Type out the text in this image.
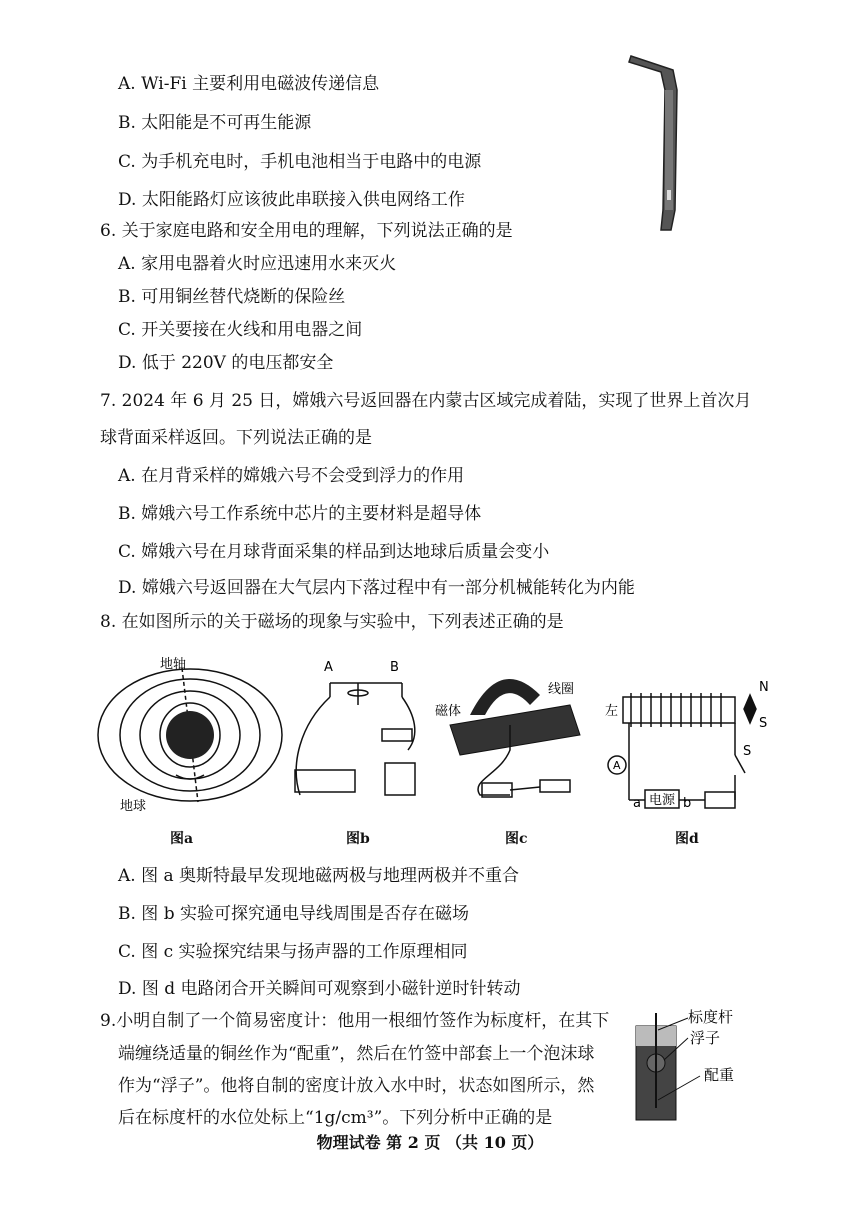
A. Wi-Fi 主要利用电磁波传递信息
B. 太阳能是不可再生能源
C. 为手机充电时，手机电池相当于电路中的电源
D. 太阳能路灯应该彼此串联接入供电网络工作
6. 关于家庭电路和安全用电的理解，下列说法正确的是
A. 家用电器着火时应迅速用水来灭火
B. 可用铜丝替代烧断的保险丝
C. 开关要接在火线和用电器之间
D. 低于 220V 的电压都安全
7. 2024 年 6 月 25 日，嫦娥六号返回器在内蒙古区域完成着陆，实现了世界上首次月
球背面采样返回。下列说法正确的是
A. 在月背采样的嫦娥六号不会受到浮力的作用
B. 嫦娥六号工作系统中芯片的主要材料是超导体
C. 嫦娥六号在月球背面采集的样品到达地球后质量会变小
D. 嫦娥六号返回器在大气层内下落过程中有一部分机械能转化为内能
8. 在如图所示的关于磁场的现象与实验中，下列表述正确的是
地轴
地球
图a
A	B
图b
磁体
线圈
图c
左
N
S
S
A
电源
a	b
图d
A. 图 a 奥斯特最早发现地磁两极与地理两极并不重合
B. 图 b 实验可探究通电导线周围是否存在磁场
C. 图 c 实验探究结果与扬声器的工作原理相同
D. 图 d 电路闭合开关瞬间可观察到小磁针逆时针转动
9.小明自制了一个简易密度计：他用一根细竹签作为标度杆，在其下
端缠绕适量的铜丝作为“配重”，然后在竹签中部套上一个泡沫球
作为“浮子”。他将自制的密度计放入水中时，状态如图所示，然
后在标度杆的水位处标上“1g/cm³”。下列分析中正确的是
标度杆
浮子
配重
物理试卷 第 2 页 （共 10 页）
